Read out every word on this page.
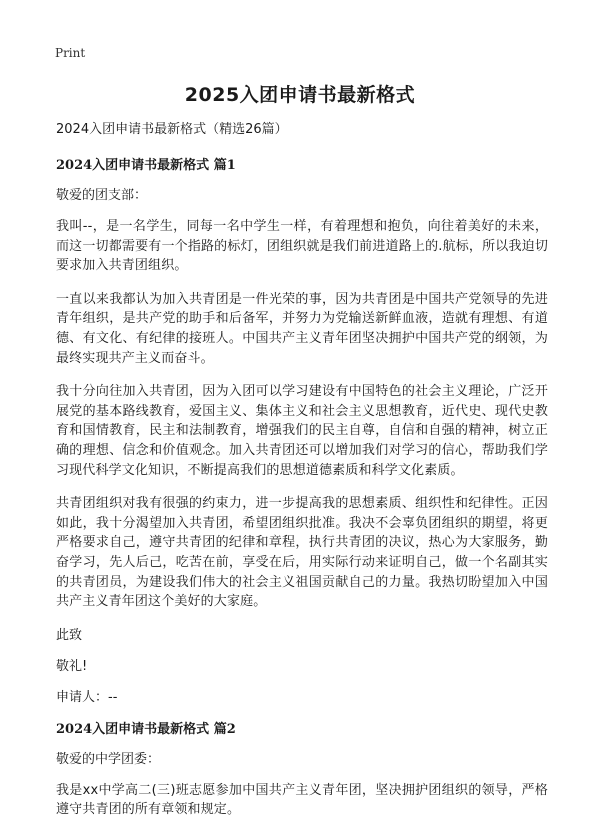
Print
2025入团申请书最新格式
2024入团申请书最新格式（精选26篇）
2024入团申请书最新格式 篇1
敬爱的团支部：
我叫--，是一名学生，同每一名中学生一样，有着理想和抱负，向往着美好的未来，而这一切都需要有一个指路的标灯，团组织就是我们前进道路上的.航标，所以我迫切要求加入共青团组织。
一直以来我都认为加入共青团是一件光荣的事，因为共青团是中国共产党领导的先进青年组织，是共产党的助手和后备军，并努力为党输送新鲜血液，造就有理想、有道德、有文化、有纪律的接班人。中国共产主义青年团坚决拥护中国共产党的纲领，为最终实现共产主义而奋斗。
我十分向往加入共青团，因为入团可以学习建设有中国特色的社会主义理论，广泛开展党的基本路线教育，爱国主义、集体主义和社会主义思想教育，近代史、现代史教育和国情教育，民主和法制教育，增强我们的民主自尊，自信和自强的精神，树立正确的理想、信念和价值观念。加入共青团还可以增加我们对学习的信心，帮助我们学习现代科学文化知识，不断提高我们的思想道德素质和科学文化素质。
共青团组织对我有很强的约束力，进一步提高我的思想素质、组织性和纪律性。正因如此，我十分渴望加入共青团，希望团组织批准。我决不会辜负团组织的期望，将更严格要求自己，遵守共青团的纪律和章程，执行共青团的决议，热心为大家服务，勤奋学习，先人后己，吃苦在前，享受在后，用实际行动来证明自己，做一个名副其实的共青团员，为建设我们伟大的社会主义祖国贡献自己的力量。我热切盼望加入中国共产主义青年团这个美好的大家庭。
此致
敬礼!
申请人：--
2024入团申请书最新格式 篇2
敬爱的中学团委：
我是xx中学高二(三)班志愿参加中国共产主义青年团，坚决拥护团组织的领导，严格遵守共青团的所有章领和规定。
